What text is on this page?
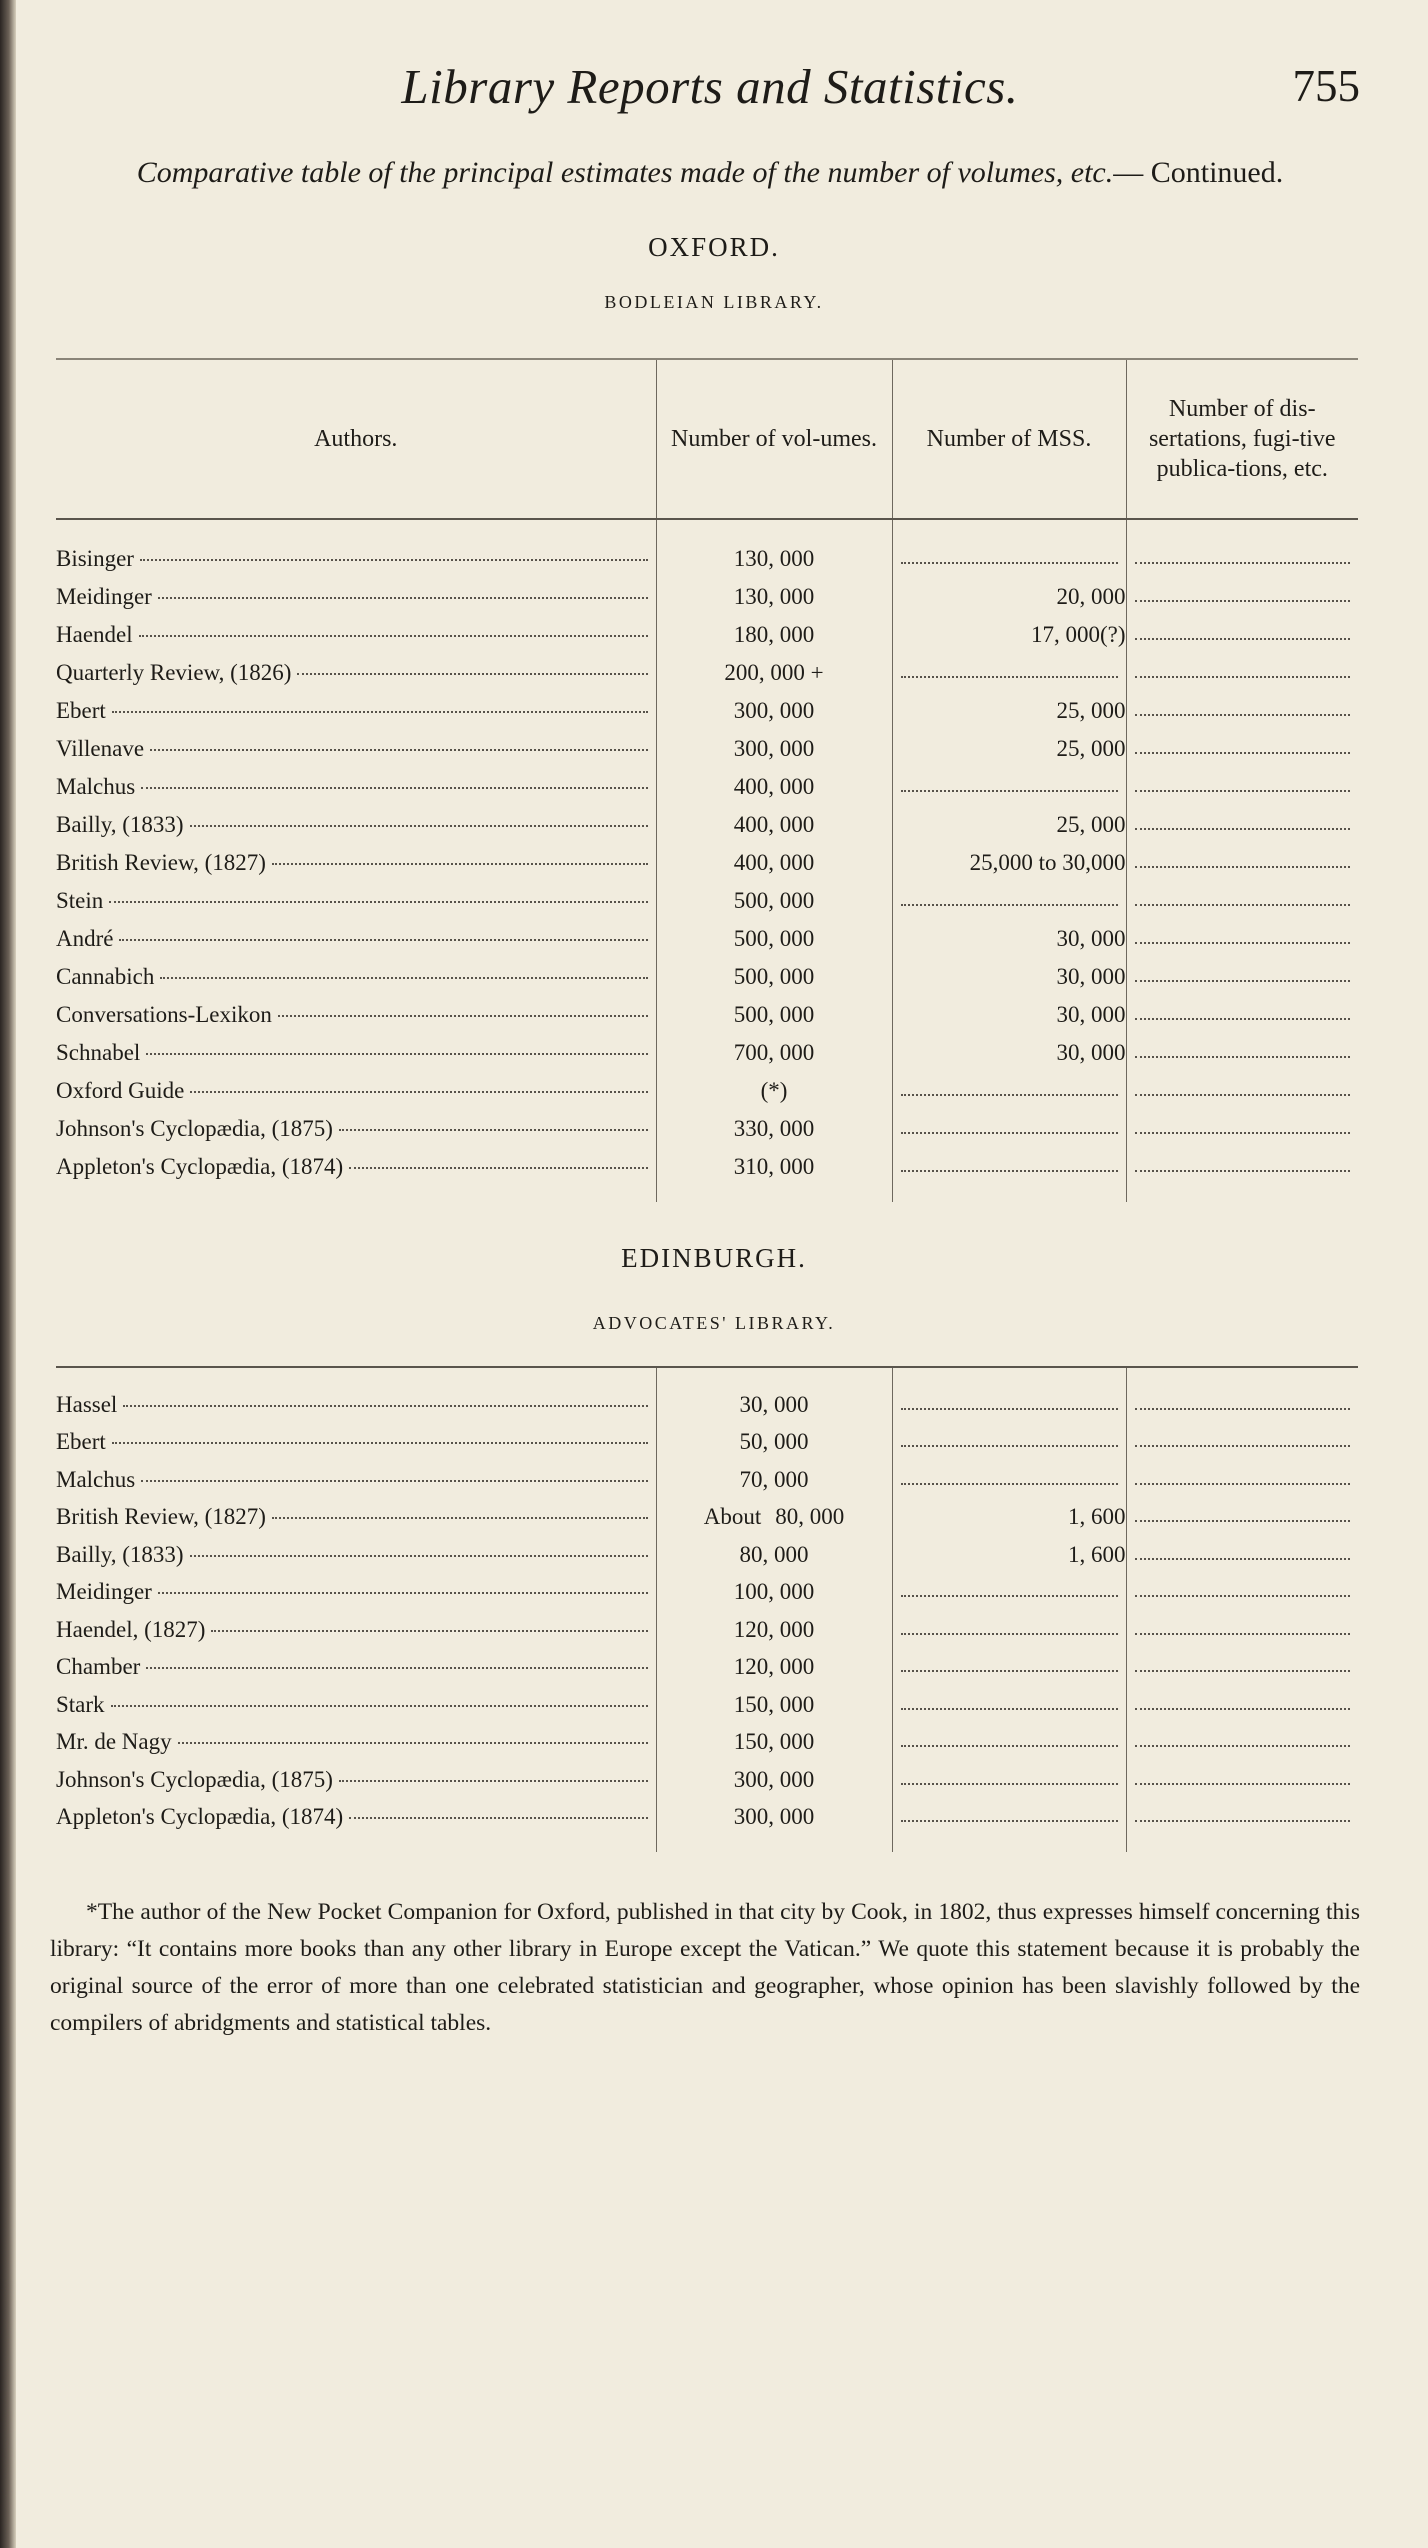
Library Reports and Statistics.	755
Comparative table of the principal estimates made of the number of volumes, etc.— Continued.
OXFORD.
BODLEIAN LIBRARY.
Authors.	Number of vol-umes.	Number of MSS.	Number of dis-sertations, fugi-tive publica-tions, etc.

Bisinger	130, 000		

Meidinger	130, 000	20, 000	

Haendel	180, 000	17, 000(?)	

Quarterly Review, (1826)	200, 000 +		

Ebert	300, 000	25, 000	

Villenave	300, 000	25, 000	

Malchus	400, 000		

Bailly, (1833)	400, 000	25, 000	

British Review, (1827)	400, 000	25,000 to 30,000	

Stein	500, 000		

André	500, 000	30, 000	

Cannabich	500, 000	30, 000	

Conversations-Lexikon	500, 000	30, 000	

Schnabel	700, 000	30, 000	

Oxford Guide	(*)		

Johnson's Cyclopædia, (1875)	330, 000		

Appleton's Cyclopædia, (1874)	310, 000		

EDINBURGH.
ADVOCATES' LIBRARY.

Hassel	30, 000		

Ebert	50, 000		

Malchus	70, 000		

British Review, (1827)	About 80, 000	1, 600	

Bailly, (1833)	80, 000	1, 600	

Meidinger	100, 000		

Haendel, (1827)	120, 000		

Chamber	120, 000		

Stark	150, 000		

Mr. de Nagy	150, 000		

Johnson's Cyclopædia, (1875)	300, 000		

Appleton's Cyclopædia, (1874)	300, 000		

*The author of the New Pocket Companion for Oxford, published in that city by Cook, in 1802, thus expresses himself concerning this library: “It contains more books than any other library in Europe except the Vatican.” We quote this statement because it is probably the original source of the error of more than one celebrated statistician and geographer, whose opinion has been slavishly followed by the compilers of abridgments and statistical tables.
